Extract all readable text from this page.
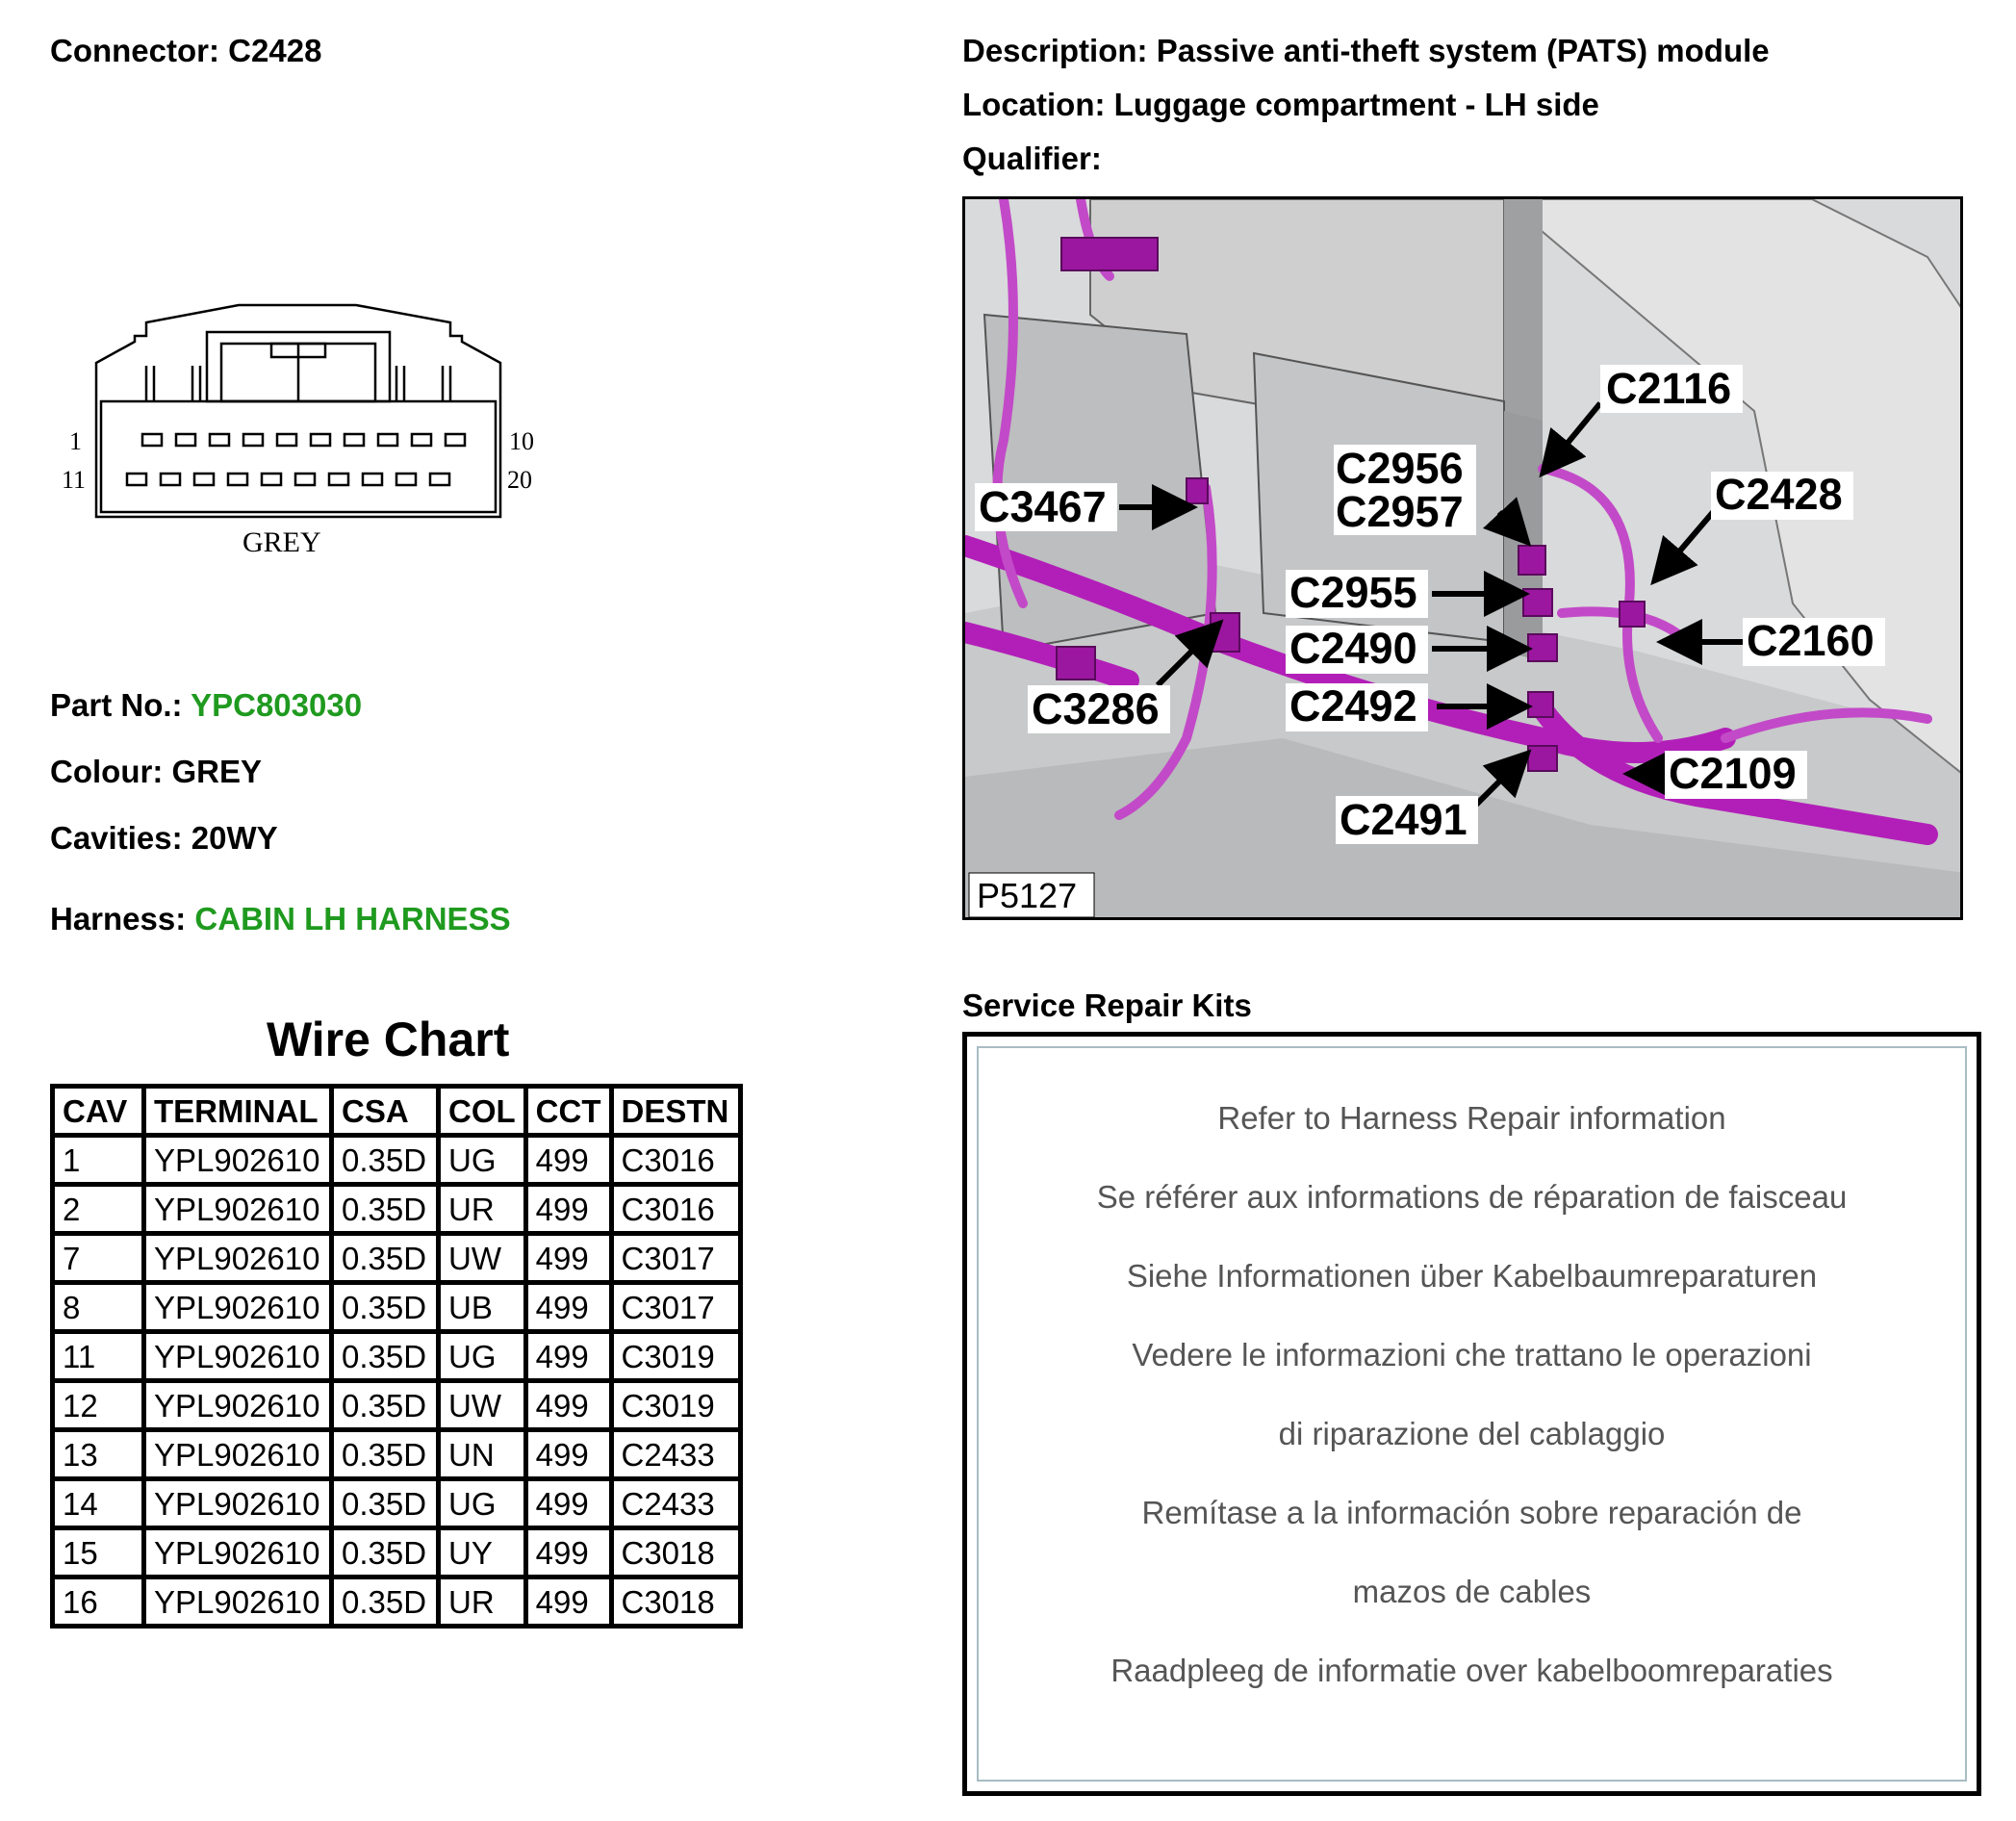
Connector: C2428
1
11
10
20
GREY
Part No.: YPC803030
Colour: GREY
Cavities: 20WY
Harness: CABIN LH HARNESS
Wire Chart
CAV	TERMINAL	CSA	COL	CCT	DESTN
1	YPL902610	0.35D	UG	499	C3016
2	YPL902610	0.35D	UR	499	C3016
7	YPL902610	0.35D	UW	499	C3017
8	YPL902610	0.35D	UB	499	C3017
11	YPL902610	0.35D	UG	499	C3019
12	YPL902610	0.35D	UW	499	C3019
13	YPL902610	0.35D	UN	499	C2433
14	YPL902610	0.35D	UG	499	C2433
15	YPL902610	0.35D	UY	499	C3018
16	YPL902610	0.35D	UR	499	C3018
Description: Passive anti-theft system (PATS) module
Location: Luggage compartment - LH side
Qualifier:
C2116
C2956
C2957	C2428
C3467
C2955
C2160
C2490
C3286	C2492
C2109
C2491
P5127
Service Repair Kits
Refer to Harness Repair information
Se référer aux informations de réparation de faisceau
Siehe Informationen über Kabelbaumreparaturen
Vedere le informazioni che trattano le operazioni
di riparazione del cablaggio
Remítase a la información sobre reparación de
mazos de cables
Raadpleeg de informatie over kabelboomreparaties
